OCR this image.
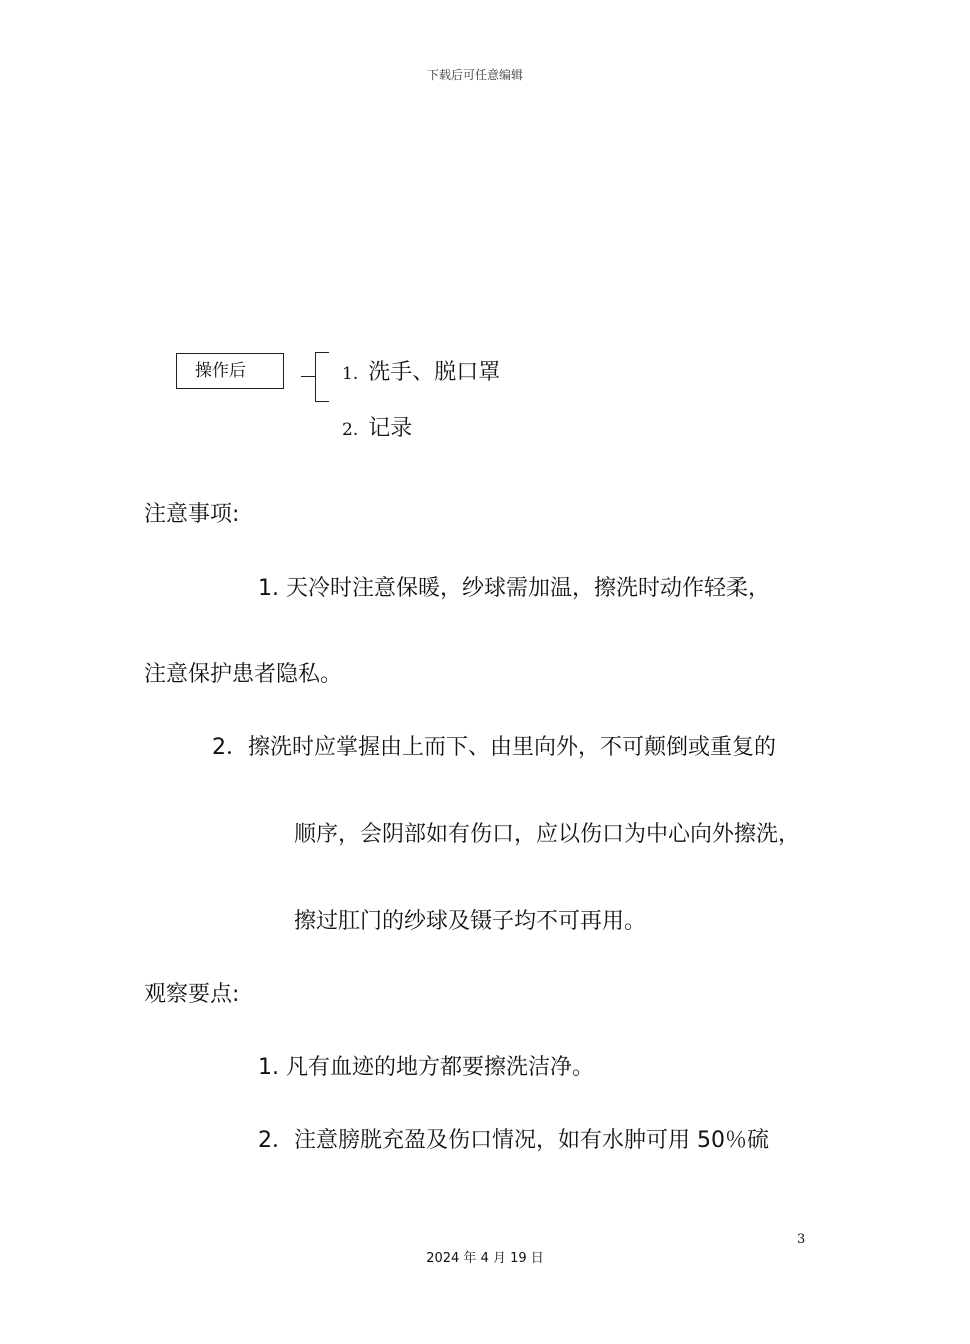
下载后可任意编辑
操作后	1. 洗手、脱口罩
2. 记录
注意事项:
1. 天冷时注意保暖，纱球需加温，擦洗时动作轻柔，
注意保护患者隐私。
2．擦洗时应掌握由上而下、由里向外，不可颠倒或重复的
顺序，会阴部如有伤口，应以伤口为中心向外擦洗，
擦过肛门的纱球及镊子均不可再用。
观察要点:
1. 凡有血迹的地方都要擦洗洁净。
2．注意膀胱充盈及伤口情况，如有水肿可用 50％硫
3
2024 年 4 月 19 日
